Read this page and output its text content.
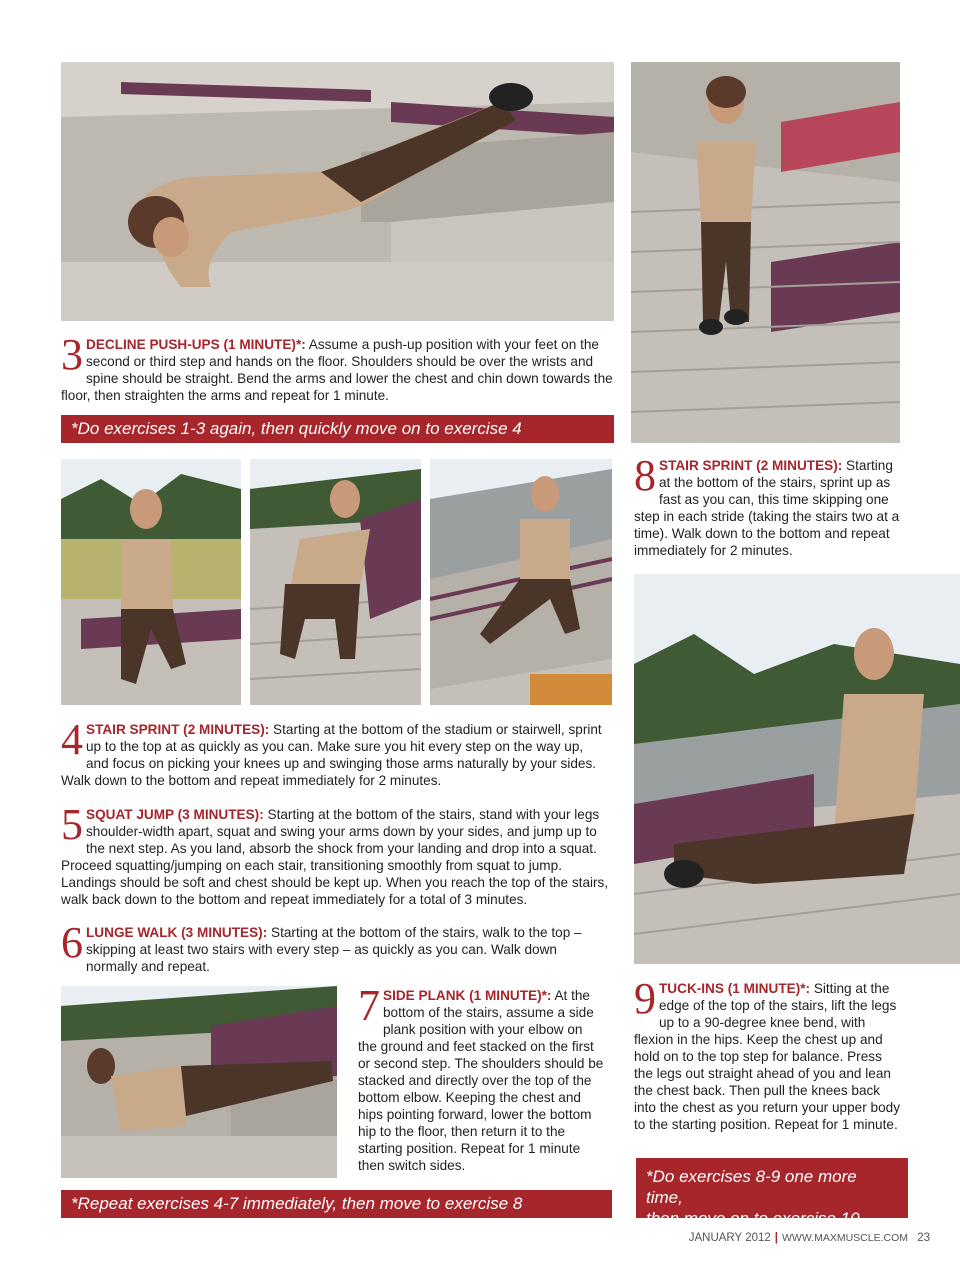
3 DECLINE PUSH-UPS (1 MINUTE)*: Assume a push-up position with your feet on the second or third step and hands on the floor. Shoulders should be over the wrists and spine should be straight. Bend the arms and lower the chest and chin down towards the floor, then straighten the arms and repeat for 1 minute.
*Do exercises 1-3 again, then quickly move on to exercise 4
8 STAIR SPRINT (2 MINUTES): Starting at the bottom of the stairs, sprint up as fast as you can, this time skipping one step in each stride (taking the stairs two at a time). Walk down to the bottom and repeat immediately for 2 minutes.
4 STAIR SPRINT (2 MINUTES): Starting at the bottom of the stadium or stairwell, sprint up to the top at as quickly as you can. Make sure you hit every step on the way up, and focus on picking your knees up and swinging those arms naturally by your sides. Walk down to the bottom and repeat immediately for 2 minutes.
5 SQUAT JUMP (3 MINUTES): Starting at the bottom of the stairs, stand with your legs shoulder-width apart, squat and swing your arms down by your sides, and jump up to the next step. As you land, absorb the shock from your landing and drop into a squat. Proceed squatting/jumping on each stair, transitioning smoothly from squat to jump. Landings should be soft and chest should be kept up. When you reach the top of the stairs, walk back down to the bottom and repeat immediately for a total of 3 minutes.
6 LUNGE WALK (3 MINUTES): Starting at the bottom of the stairs, walk to the top – skipping at least two stairs with every step – as quickly as you can. Walk down normally and repeat.
7 SIDE PLANK (1 MINUTE)*: At the bottom of the stairs, assume a side plank position with your elbow on the ground and feet stacked on the first or second step. The shoulders should be stacked and directly over the top of the bottom elbow. Keeping the chest and hips pointing forward, lower the bottom hip to the floor, then return it to the starting position. Repeat for 1 minute then switch sides.
9 TUCK-INS (1 MINUTE)*: Sitting at the edge of the top of the stairs, lift the legs up to a 90-degree knee bend, with flexion in the hips. Keep the chest up and hold on to the top step for balance. Press the legs out straight ahead of you and lean the chest back. Then pull the knees back into the chest as you return your upper body to the starting position. Repeat for 1 minute.
*Do exercises 8-9 one more time,
then move on to exercise 10
*Repeat exercises 4-7 immediately, then move to exercise 8
JANUARY 2012 | WWW.MAXMUSCLE.COM 23
